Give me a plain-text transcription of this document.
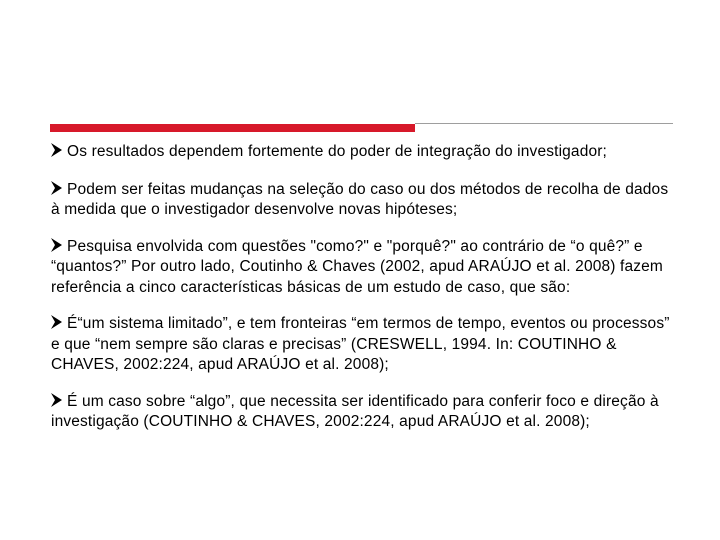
Os resultados dependem fortemente do poder de integração do investigador;

Podem ser feitas mudanças na seleção do caso ou dos métodos de recolha de dados à medida que o investigador desenvolve novas hipóteses;

Pesquisa envolvida com questões "como?" e "porquê?" ao contrário de “o quê?” e “quantos?” Por outro lado, Coutinho & Chaves (2002, apud ARAÚJO et al. 2008) fazem referência a cinco características básicas de um estudo de caso, que são:

É“um sistema limitado”, e tem fronteiras “em termos de tempo, eventos ou processos” e que “nem sempre são claras e precisas” (CRESWELL, 1994. In: COUTINHO & CHAVES, 2002:224, apud ARAÚJO et al. 2008);

É um caso sobre “algo”, que necessita ser identificado para conferir foco e direção à investigação (COUTINHO & CHAVES, 2002:224, apud ARAÚJO et al. 2008);
